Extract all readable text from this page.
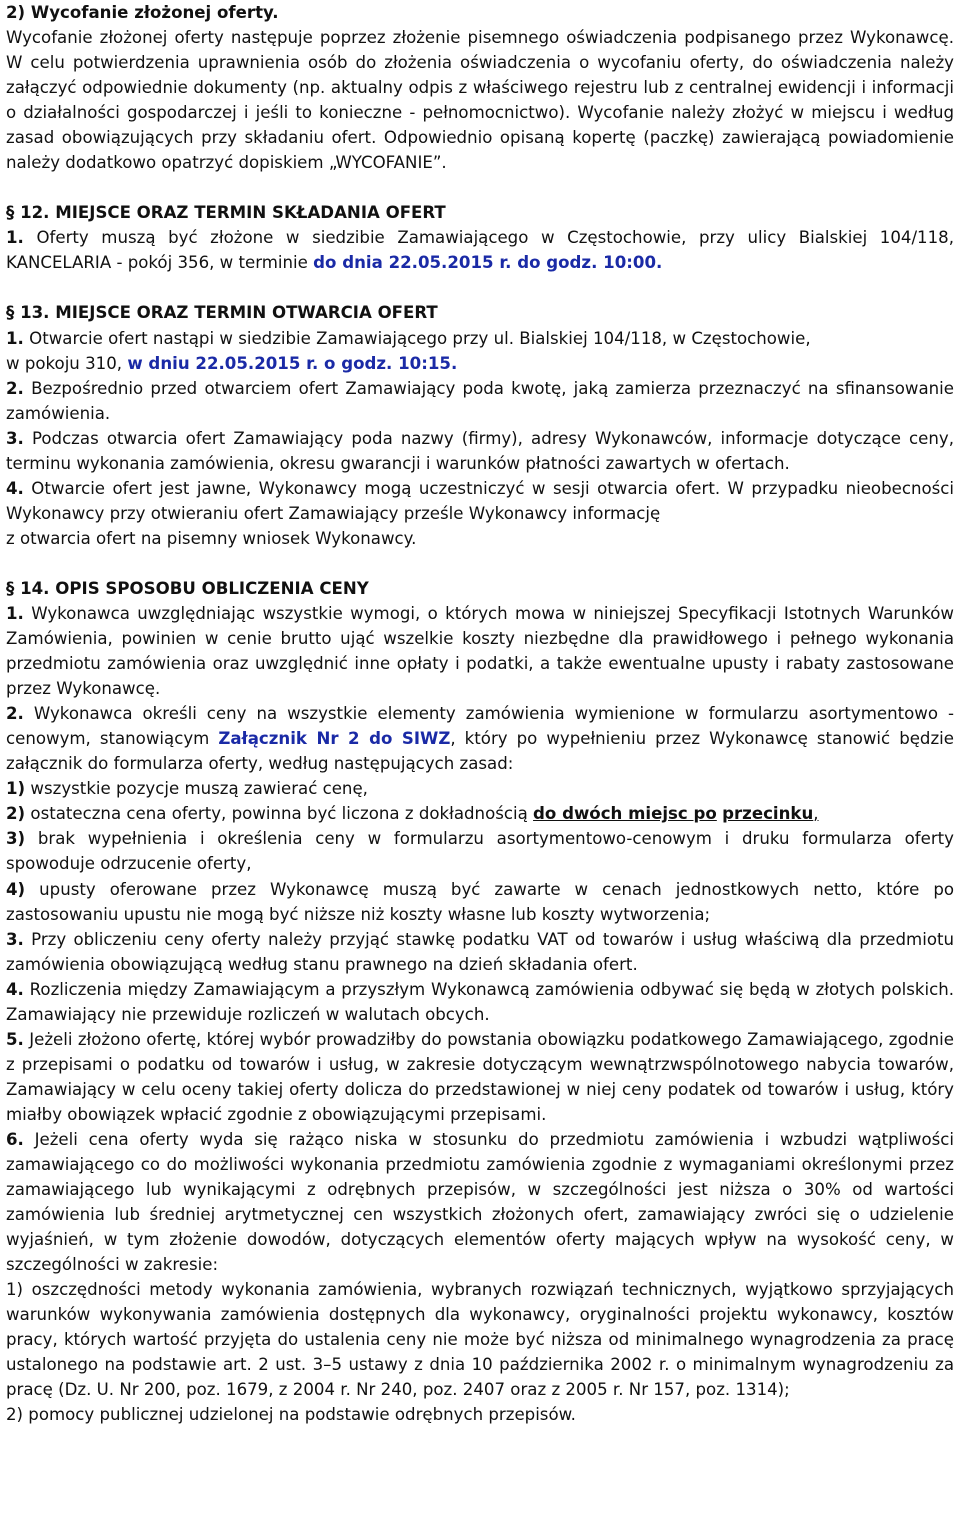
2) Wycofanie złożonej oferty.

Wycofanie złożonej oferty następuje poprzez złożenie pisemnego oświadczenia podpisanego przez Wykonawcę. W celu potwierdzenia uprawnienia osób do złożenia oświadczenia o wycofaniu oferty, do oświadczenia należy załączyć odpowiednie dokumenty (np. aktualny odpis z właściwego rejestru lub z centralnej ewidencji i informacji o działalności gospodarczej i jeśli to konieczne - pełnomocnictwo). Wycofanie należy złożyć w miejscu i według zasad obowiązujących przy składaniu ofert. Odpowiednio opisaną kopertę (paczkę) zawierającą powiadomienie należy dodatkowo opatrzyć dopiskiem „WYCOFANIE”.

§ 12. MIEJSCE ORAZ TERMIN SKŁADANIA OFERT

1. Oferty muszą być złożone w siedzibie Zamawiającego w Częstochowie, przy ulicy Bialskiej 104/118, KANCELARIA - pokój 356, w terminie do dnia 22.05.2015 r. do godz. 10:00.

§ 13. MIEJSCE ORAZ TERMIN OTWARCIA OFERT

1. Otwarcie ofert nastąpi w siedzibie Zamawiającego przy ul. Bialskiej 104/118, w Częstochowie,
w pokoju 310, w dniu 22.05.2015 r. o godz. 10:15.

2. Bezpośrednio przed otwarciem ofert Zamawiający poda kwotę, jaką zamierza przeznaczyć na sfinansowanie zamówienia.

3. Podczas otwarcia ofert Zamawiający poda nazwy (firmy), adresy Wykonawców, informacje dotyczące ceny, terminu wykonania zamówienia, okresu gwarancji i warunków płatności zawartych w ofertach.

4. Otwarcie ofert jest jawne, Wykonawcy mogą uczestniczyć w sesji otwarcia ofert. W przypadku nieobecności Wykonawcy przy otwieraniu ofert Zamawiający prześle Wykonawcy informację
z otwarcia ofert na pisemny wniosek Wykonawcy.

§ 14. OPIS SPOSOBU OBLICZENIA CENY

1. Wykonawca uwzględniając wszystkie wymogi, o których mowa w niniejszej Specyfikacji Istotnych Warunków Zamówienia, powinien w cenie brutto ująć wszelkie koszty niezbędne dla prawidłowego i pełnego wykonania przedmiotu zamówienia oraz uwzględnić inne opłaty i podatki, a także ewentualne upusty i rabaty zastosowane przez Wykonawcę.

2. Wykonawca określi ceny na wszystkie elementy zamówienia wymienione w formularzu asortymentowo - cenowym, stanowiącym Załącznik Nr 2 do SIWZ, który po wypełnieniu przez Wykonawcę stanowić będzie załącznik do formularza oferty, według następujących zasad:

1) wszystkie pozycje muszą zawierać cenę,

2) ostateczna cena oferty, powinna być liczona z dokładnością do dwóch miejsc po przecinku,

3) brak wypełnienia i określenia ceny w formularzu asortymentowo-cenowym i druku formularza oferty spowoduje odrzucenie oferty,

4) upusty oferowane przez Wykonawcę muszą być zawarte w cenach jednostkowych netto, które po zastosowaniu upustu nie mogą być niższe niż koszty własne lub koszty wytworzenia;

3. Przy obliczeniu ceny oferty należy przyjąć stawkę podatku VAT od towarów i usług właściwą dla przedmiotu zamówienia obowiązującą według stanu prawnego na dzień składania ofert.

4. Rozliczenia między Zamawiającym a przyszłym Wykonawcą zamówienia odbywać się będą w złotych polskich. Zamawiający nie przewiduje rozliczeń w walutach obcych.

5. Jeżeli złożono ofertę, której wybór prowadziłby do powstania obowiązku podatkowego Zamawiającego, zgodnie z przepisami o podatku od towarów i usług, w zakresie dotyczącym wewnątrzwspólnotowego nabycia towarów, Zamawiający w celu oceny takiej oferty dolicza do przedstawionej w niej ceny podatek od towarów i usług, który miałby obowiązek wpłacić zgodnie z obowiązującymi przepisami.

6. Jeżeli cena oferty wyda się rażąco niska w stosunku do przedmiotu zamówienia i wzbudzi wątpliwości zamawiającego co do możliwości wykonania przedmiotu zamówienia zgodnie z wymaganiami określonymi przez zamawiającego lub wynikającymi z odrębnych przepisów, w szczególności jest niższa o 30% od wartości zamówienia lub średniej arytmetycznej cen wszystkich złożonych ofert, zamawiający zwróci się o udzielenie wyjaśnień, w tym złożenie dowodów, dotyczących elementów oferty mających wpływ na wysokość ceny, w szczególności w zakresie:

1) oszczędności metody wykonania zamówienia, wybranych rozwiązań technicznych, wyjątkowo sprzyjających warunków wykonywania zamówienia dostępnych dla wykonawcy, oryginalności projektu wykonawcy, kosztów pracy, których wartość przyjęta do ustalenia ceny nie może być niższa od minimalnego wynagrodzenia za pracę ustalonego na podstawie art. 2 ust. 3–5 ustawy z dnia 10 października 2002 r. o minimalnym wynagrodzeniu za pracę (Dz. U. Nr 200, poz. 1679, z 2004 r. Nr 240, poz. 2407 oraz z 2005 r. Nr 157, poz. 1314);

2) pomocy publicznej udzielonej na podstawie odrębnych przepisów.
